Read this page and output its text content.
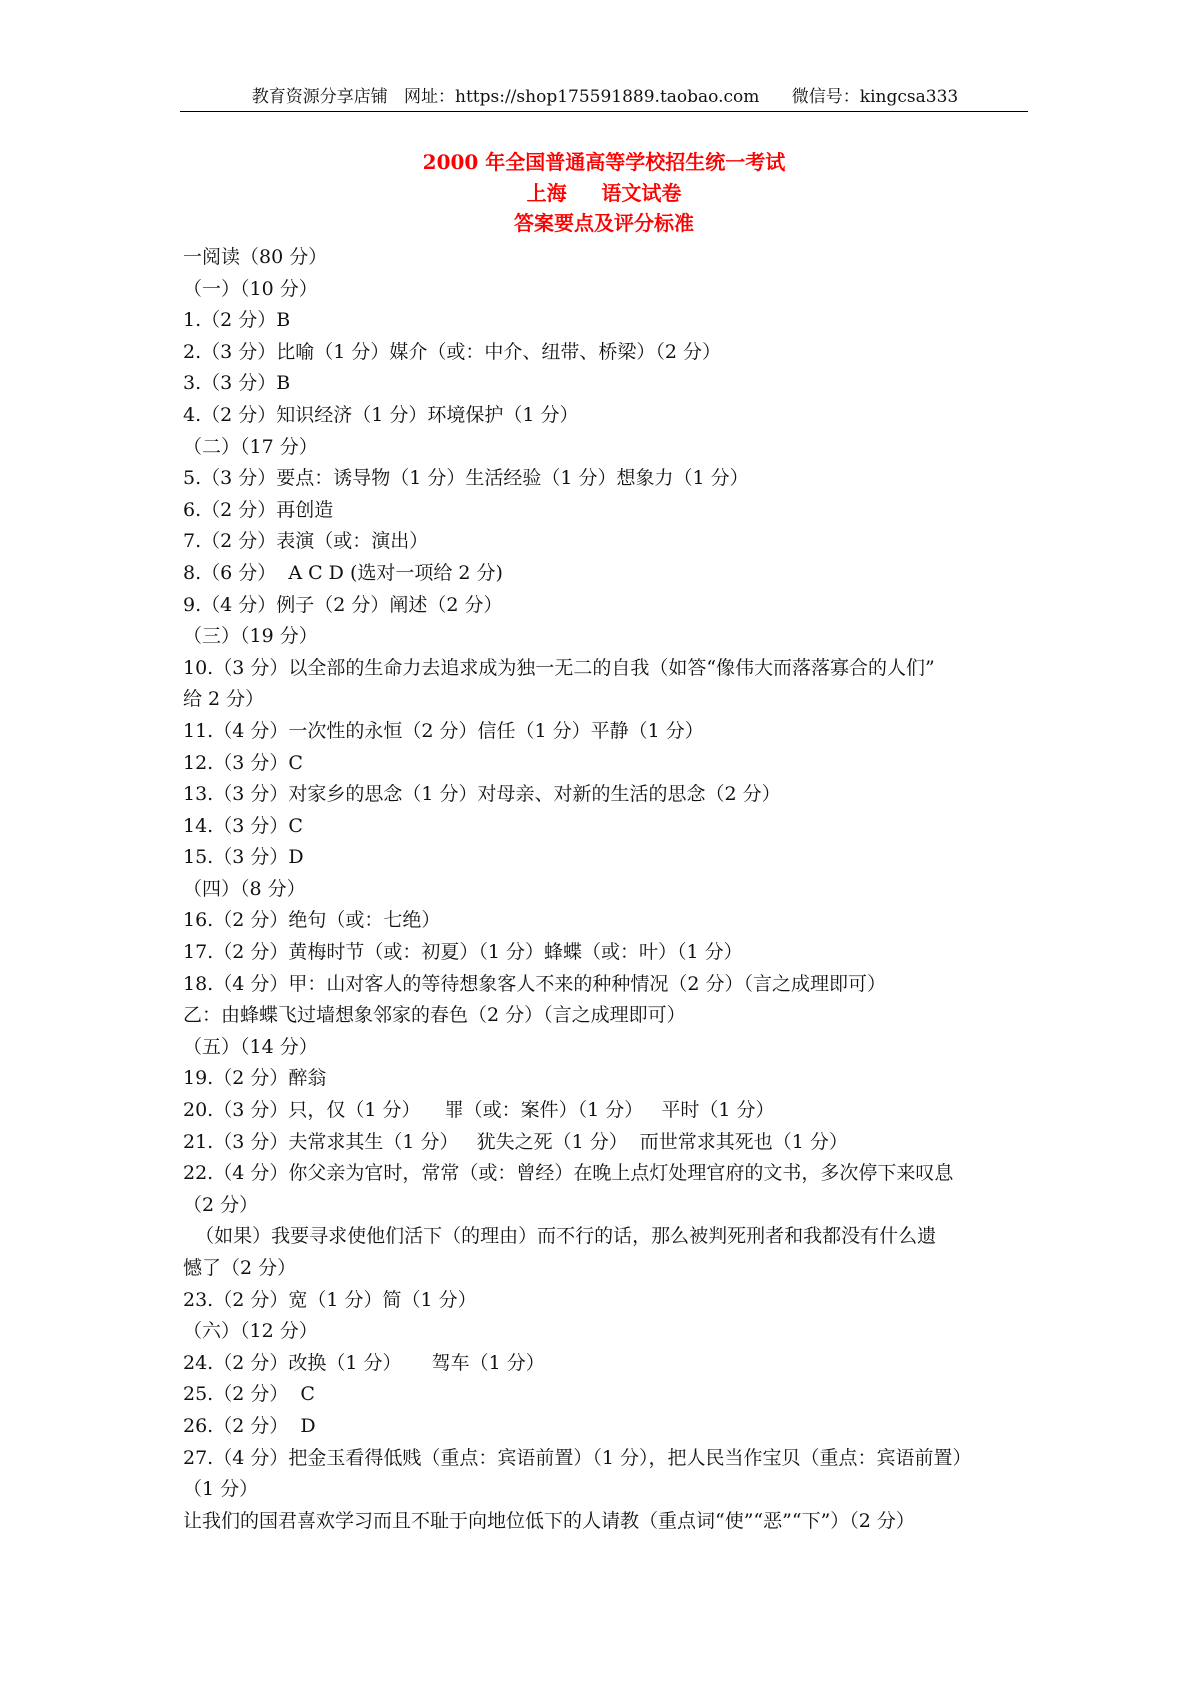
教育资源分享店铺   网址：https://shop175591889.taobao.com      微信号：kingcsa333
2000 年全国普通高等学校招生统一考试
上海     语文试卷
答案要点及评分标准
一阅读（80 分）
（一）（10 分）
1.（2 分）B
2.（3 分）比喻（1 分）媒介（或：中介、纽带、桥梁）（2 分）
3.（3 分）B
4.（2 分）知识经济（1 分）环境保护（1 分）
（二）（17 分）
5.（3 分）要点：诱导物（1 分）生活经验（1 分）想象力（1 分）
6.（2 分）再创造
7.（2 分）表演（或：演出）
8.（6 分）  A C D (选对一项给 2 分)
9.（4 分）例子（2 分）阐述（2 分）
（三）（19 分）
10.（3 分）以全部的生命力去追求成为独一无二的自我（如答“像伟大而落落寡合的人们”
给 2 分）
11.（4 分）一次性的永恒（2 分）信任（1 分）平静（1 分）
12.（3 分）C
13.（3 分）对家乡的思念（1 分）对母亲、对新的生活的思念（2 分）
14.（3 分）C
15.（3 分）D
（四）（8 分）
16.（2 分）绝句（或：七绝）
17.（2 分）黄梅时节（或：初夏）（1 分）蜂蝶（或：叶）（1 分）
18.（4 分）甲：山对客人的等待想象客人不来的种种情况（2 分）（言之成理即可）
乙：由蜂蝶飞过墙想象邻家的春色（2 分）（言之成理即可）
（五）（14 分）
19.（2 分）醉翁
20.（3 分）只，仅（1 分）    罪（或：案件）（1 分）   平时（1 分）
21.（3 分）夫常求其生（1 分）   犹失之死（1 分）  而世常求其死也（1 分）
22.（4 分）你父亲为官时，常常（或：曾经）在晚上点灯处理官府的文书，多次停下来叹息
（2 分）
（如果）我要寻求使他们活下（的理由）而不行的话，那么被判死刑者和我都没有什么遗
憾了（2 分）
23.（2 分）宽（1 分）简（1 分）
（六）（12 分）
24.（2 分）改换（1 分）     驾车（1 分）
25.（2 分）  C
26.（2 分）  D
27.（4 分）把金玉看得低贱（重点：宾语前置）（1 分），把人民当作宝贝（重点：宾语前置）
（1 分）
让我们的国君喜欢学习而且不耻于向地位低下的人请教（重点词“使”“恶”“下”）（2 分）
